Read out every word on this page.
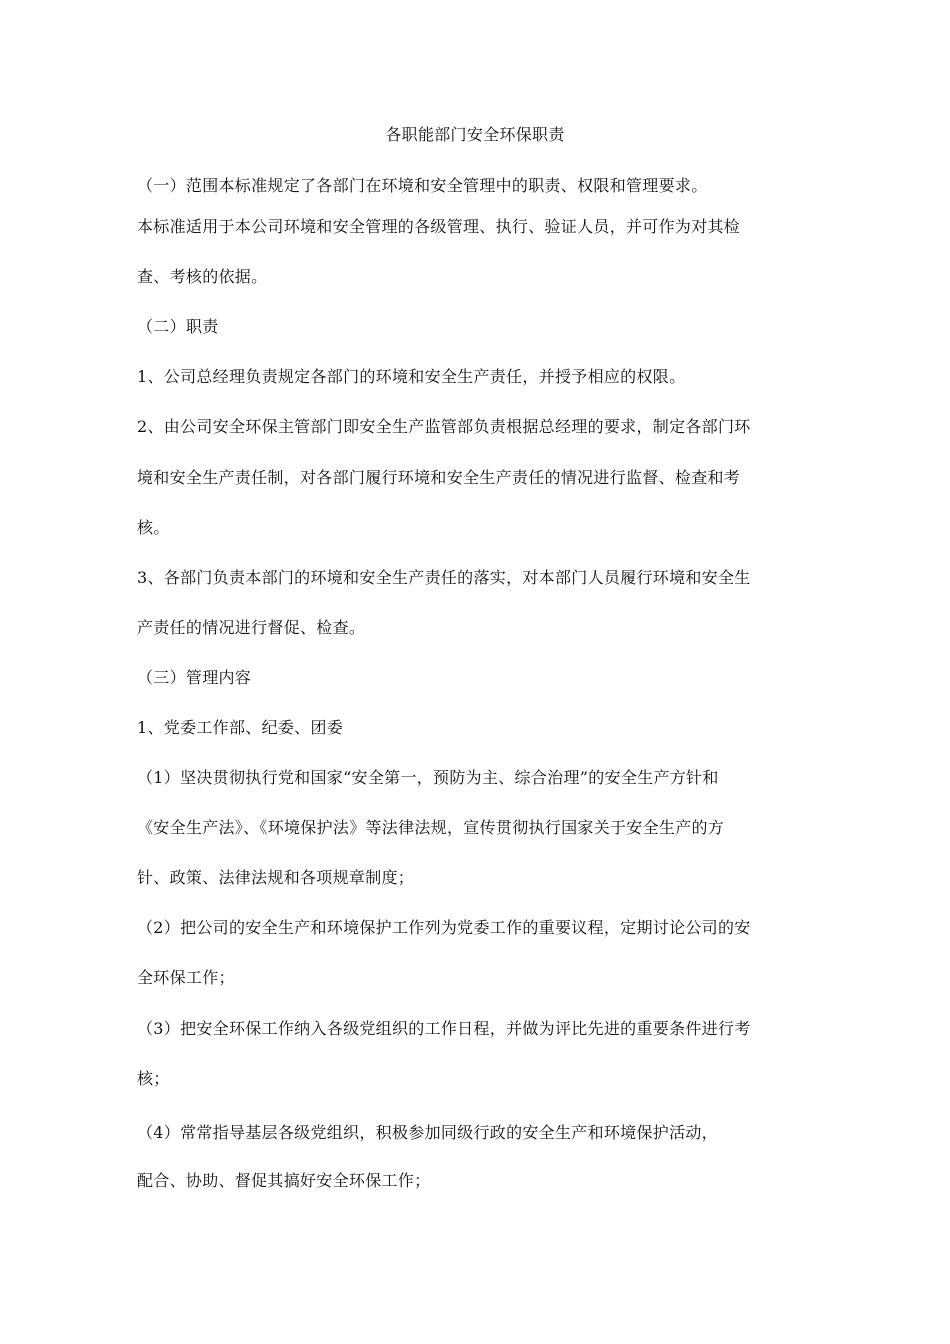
各职能部门安全环保职责
（一）范围本标准规定了各部门在环境和安全管理中的职责、权限和管理要求。
本标准适用于本公司环境和安全管理的各级管理、执行、验证人员，并可作为对其检
查、考核的依据。
（二）职责
1、公司总经理负责规定各部门的环境和安全生产责任，并授予相应的权限。
2、由公司安全环保主管部门即安全生产监管部负责根据总经理的要求，制定各部门环
境和安全生产责任制，对各部门履行环境和安全生产责任的情况进行监督、检查和考
核。
3、各部门负责本部门的环境和安全生产责任的落实，对本部门人员履行环境和安全生
产责任的情况进行督促、检查。
（三）管理内容
1、党委工作部、纪委、团委
（1）坚决贯彻执行党和国家“安全第一，预防为主、综合治理”的安全生产方针和
《安全生产法》、《环境保护法》等法律法规，宣传贯彻执行国家关于安全生产的方
针、政策、法律法规和各项规章制度；
（2）把公司的安全生产和环境保护工作列为党委工作的重要议程，定期讨论公司的安
全环保工作；
（3）把安全环保工作纳入各级党组织的工作日程，并做为评比先进的重要条件进行考
核；
（4）常常指导基层各级党组织，积极参加同级行政的安全生产和环境保护活动，
配合、协助、督促其搞好安全环保工作；
